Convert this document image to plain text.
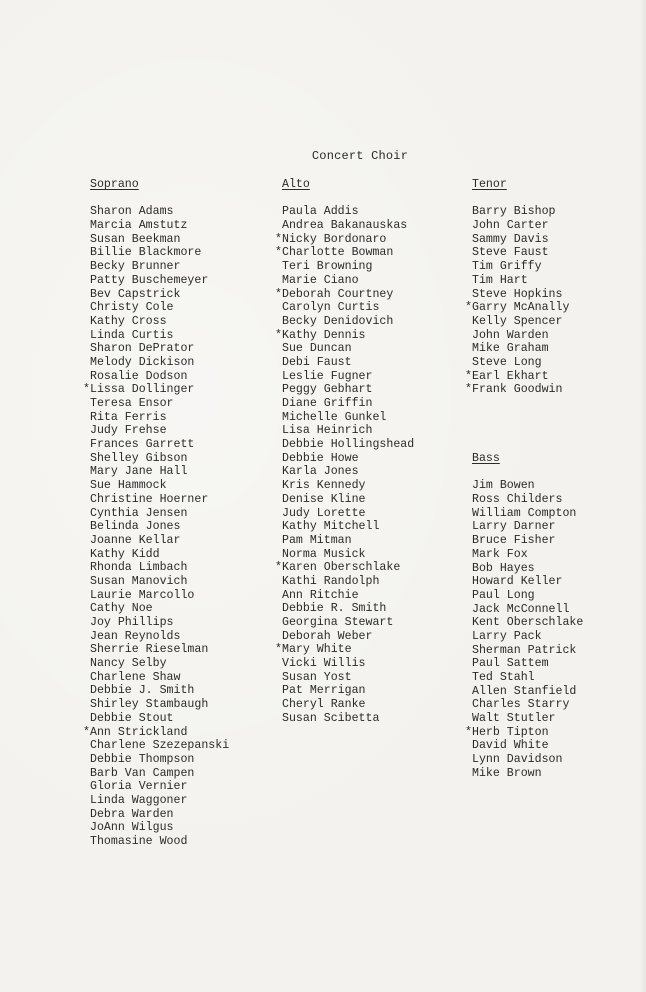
Concert Choir
Soprano
Sharon Adams
Marcia Amstutz
Susan Beekman
Billie Blackmore
Becky Brunner
Patty Buschemeyer
Bev Capstrick
Christy Cole
Kathy Cross
Linda Curtis
Sharon DePrator
Melody Dickison
Rosalie Dodson
*Lissa Dollinger
Teresa Ensor
Rita Ferris
Judy Frehse
Frances Garrett
Shelley Gibson
Mary Jane Hall
Sue Hammock
Christine Hoerner
Cynthia Jensen
Belinda Jones
Joanne Kellar
Kathy Kidd
Rhonda Limbach
Susan Manovich
Laurie Marcollo
Cathy Noe
Joy Phillips
Jean Reynolds
Sherrie Rieselman
Nancy Selby
Charlene Shaw
Debbie J. Smith
Shirley Stambaugh
Debbie Stout
*Ann Strickland
Charlene Szezepanski
Debbie Thompson
Barb Van Campen
Gloria Vernier
Linda Waggoner
Debra Warden
JoAnn Wilgus
Thomasine Wood
Alto
Paula Addis
Andrea Bakanauskas
*Nicky Bordonaro
*Charlotte Bowman
Teri Browning
Marie Ciano
*Deborah Courtney
Carolyn Curtis
Becky Denidovich
*Kathy Dennis
Sue Duncan
Debi Faust
Leslie Fugner
Peggy Gebhart
Diane Griffin
Michelle Gunkel
Lisa Heinrich
Debbie Hollingshead
Debbie Howe
Karla Jones
Kris Kennedy
Denise Kline
Judy Lorette
Kathy Mitchell
Pam Mitman
Norma Musick
*Karen Oberschlake
Kathi Randolph
Ann Ritchie
Debbie R. Smith
Georgina Stewart
Deborah Weber
*Mary White
Vicki Willis
Susan Yost
Pat Merrigan
Cheryl Ranke
Susan Scibetta
Tenor
Barry Bishop
John Carter
Sammy Davis
Steve Faust
Tim Griffy
Tim Hart
Steve Hopkins
*Garry McAnally
Kelly Spencer
John Warden
Mike Graham
Steve Long
*Earl Ekhart
*Frank Goodwin
Bass
Jim Bowen
Ross Childers
William Compton
Larry Darner
Bruce Fisher
Mark Fox
Bob Hayes
Howard Keller
Paul Long
Jack McConnell
Kent Oberschlake
Larry Pack
Sherman Patrick
Paul Sattem
Ted Stahl
Allen Stanfield
Charles Starry
Walt Stutler
*Herb Tipton
David White
Lynn Davidson
Mike Brown
